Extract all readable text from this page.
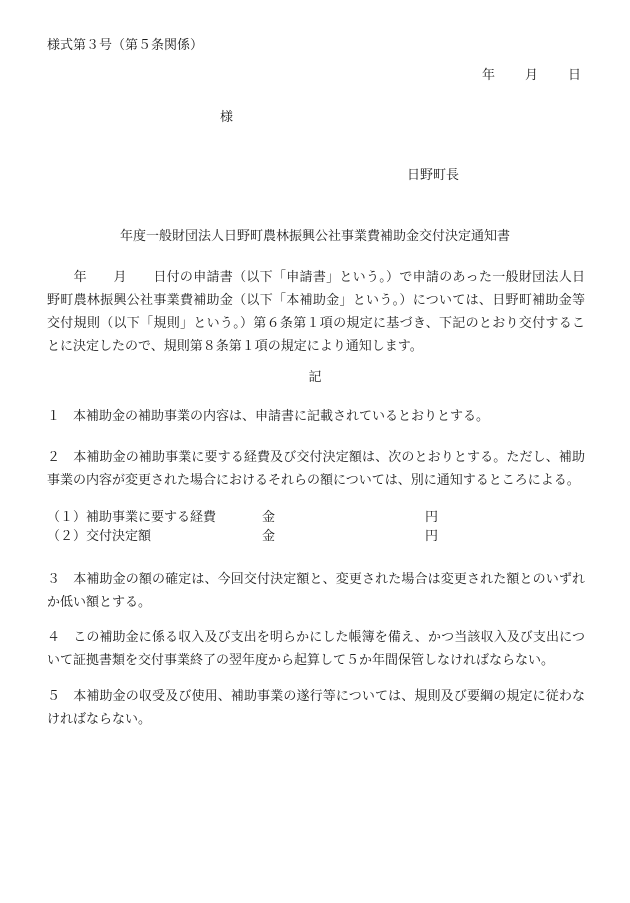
様式第３号（第５条関係）
年 月 日
様
日野町長
年度一般財団法人日野町農林振興公社事業費補助金交付決定通知書
　　年　　月　　日付の申請書（以下「申請書」という。）で申請のあった一般財団法人日野町農林振興公社事業費補助金（以下「本補助金」という。）については、日野町補助金等交付規則（以下「規則」という。）第６条第１項の規定に基づき、下記のとおり交付することに決定したので、規則第８条第１項の規定により通知します。
記
１　本補助金の補助事業の内容は、申請書に記載されているとおりとする。
２　本補助金の補助事業に要する経費及び交付決定額は、次のとおりとする。ただし、補助事業の内容が変更された場合におけるそれらの額については、別に通知するところによる。
（１）補助事業に要する経費	金	円
（２）交付決定額	金	円
３　本補助金の額の確定は、今回交付決定額と、変更された場合は変更された額とのいずれか低い額とする。
４　この補助金に係る収入及び支出を明らかにした帳簿を備え、かつ当該収入及び支出について証拠書類を交付事業終了の翌年度から起算して５か年間保管しなければならない。
５　本補助金の収受及び使用、補助事業の遂行等については、規則及び要綱の規定に従わなければならない。
